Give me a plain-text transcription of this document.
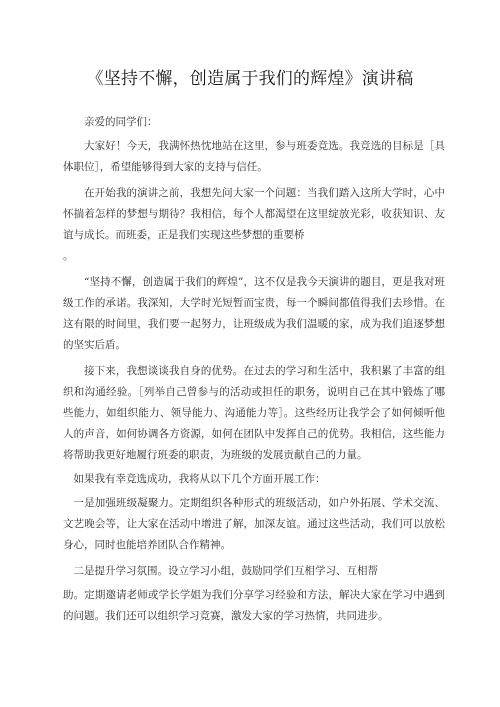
《坚持不懈，创造属于我们的辉煌》演讲稿

亲爱的同学们：

大家好！今天，我满怀热忱地站在这里，参与班委竞选。我竞选的目标是［具体职位］，希望能够得到大家的支持与信任。

在开始我的演讲之前，我想先问大家一个问题：当我们踏入这所大学时，心中怀揣着怎样的梦想与期待？我相信，每个人都渴望在这里绽放光彩，收获知识、友谊与成长。而班委，正是我们实现这些梦想的重要桥

。

“坚持不懈，创造属于我们的辉煌”，这不仅是我今天演讲的题目，更是我对班级工作的承诺。我深知，大学时光短暂而宝贵，每一个瞬间都值得我们去珍惜。在这有限的时间里，我们要一起努力，让班级成为我们温暖的家，成为我们追逐梦想的坚实后盾。

接下来，我想谈谈我自身的优势。在过去的学习和生活中，我积累了丰富的组织和沟通经验。［列举自己曾参与的活动或担任的职务，说明自己在其中锻炼了哪些能力，如组织能力、领导能力、沟通能力等］。这些经历让我学会了如何倾听他人的声音，如何协调各方资源，如何在团队中发挥自己的优势。我相信，这些能力将帮助我更好地履行班委的职责，为班级的发展贡献自己的力量。

如果我有幸竞选成功，我将从以下几个方面开展工作：

一是加强班级凝聚力。定期组织各种形式的班级活动，如户外拓展、学术交流、文艺晚会等，让大家在活动中增进了解，加深友谊。通过这些活动，我们可以放松身心，同时也能培养团队合作精神。

二是提升学习氛围。设立学习小组，鼓励同学们互相学习、互相帮

助。定期邀请老师或学长学姐为我们分享学习经验和方法，解决大家在学习中遇到的问题。我们还可以组织学习竞赛，激发大家的学习热情，共同进步。
